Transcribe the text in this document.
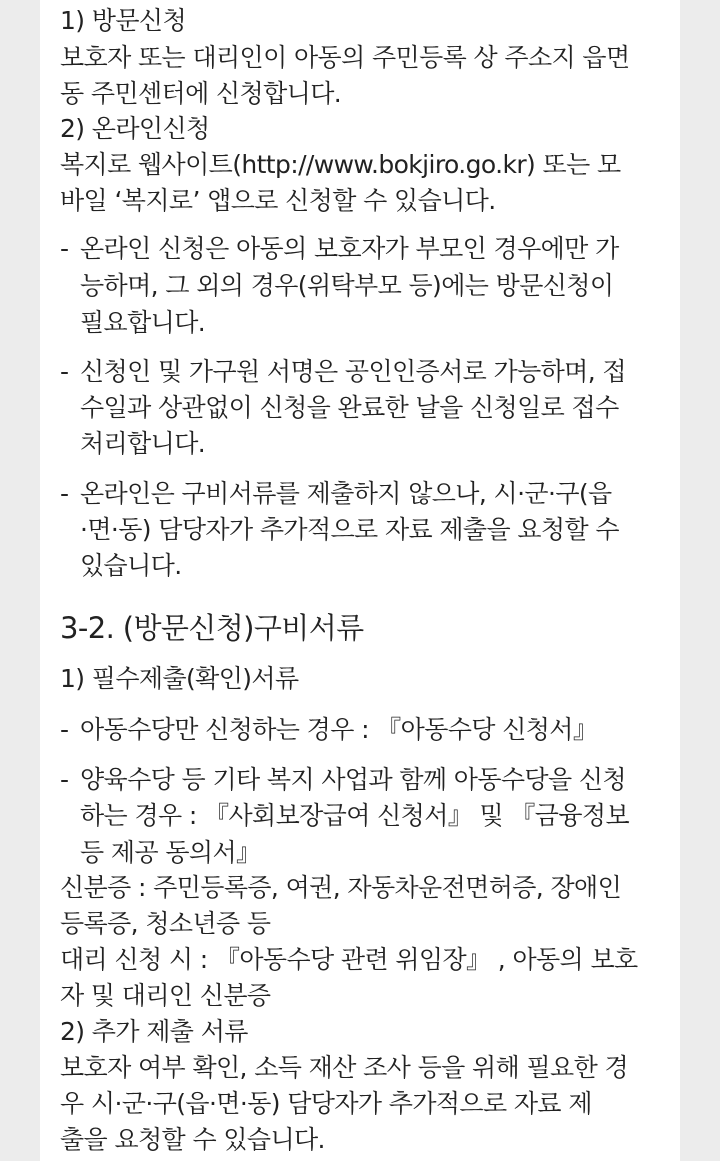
1) 방문신청
보호자 또는 대리인이 아동의 주민등록 상 주소지 읍면
동 주민센터에 신청합니다.
2) 온라인신청
복지로 웹사이트(http://www.bokjiro.go.kr) 또는 모
바일 ‘복지로’ 앱으로 신청할 수 있습니다.
- 온라인 신청은 아동의 보호자가 부모인 경우에만 가
능하며, 그 외의 경우(위탁부모 등)에는 방문신청이
필요합니다.
- 신청인 및 가구원 서명은 공인인증서로 가능하며, 접
수일과 상관없이 신청을 완료한 날을 신청일로 접수
처리합니다.
- 온라인은 구비서류를 제출하지 않으나, 시·군·구(읍
·면·동) 담당자가 추가적으로 자료 제출을 요청할 수
있습니다.
3-2. (방문신청)구비서류
1) 필수제출(확인)서류
- 아동수당만 신청하는 경우 : 『아동수당 신청서』
- 양육수당 등 기타 복지 사업과 함께 아동수당을 신청
하는 경우 : 『사회보장급여 신청서』 및 『금융정보
등 제공 동의서』
신분증 : 주민등록증, 여권, 자동차운전면허증, 장애인
등록증, 청소년증 등
대리 신청 시 : 『아동수당 관련 위임장』 , 아동의 보호
자 및 대리인 신분증
2) 추가 제출 서류
보호자 여부 확인, 소득 재산 조사 등을 위해 필요한 경
우 시·군·구(읍·면·동) 담당자가 추가적으로 자료 제
출을 요청할 수 있습니다.
